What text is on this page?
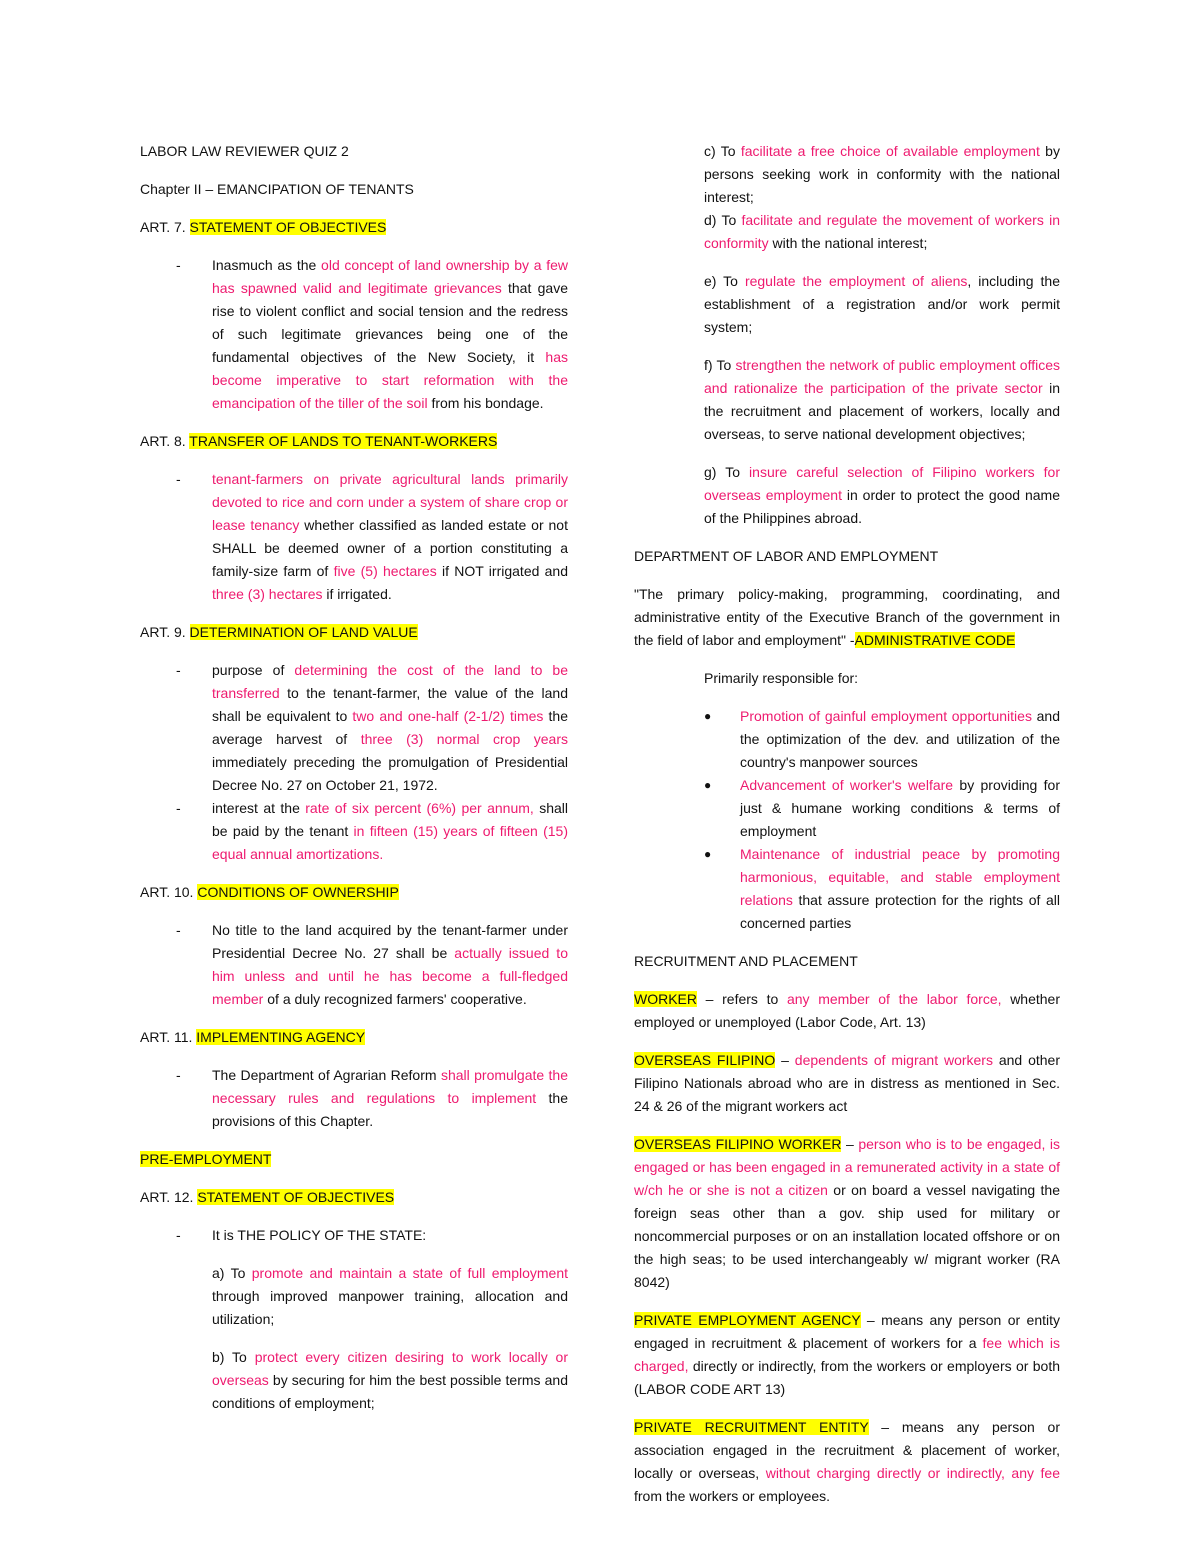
LABOR LAW REVIEWER QUIZ 2

Chapter II – EMANCIPATION OF TENANTS

ART. 7. STATEMENT OF OBJECTIVES

- Inasmuch as the old concept of land ownership by a few has spawned valid and legitimate grievances that gave rise to violent conflict and social tension and the redress of such legitimate grievances being one of the fundamental objectives of the New Society, it has become imperative to start reformation with the emancipation of the tiller of the soil from his bondage.

ART. 8. TRANSFER OF LANDS TO TENANT-WORKERS

- tenant-farmers on private agricultural lands primarily devoted to rice and corn under a system of share crop or lease tenancy whether classified as landed estate or not SHALL be deemed owner of a portion constituting a family-size farm of five (5) hectares if NOT irrigated and three (3) hectares if irrigated.

ART. 9. DETERMINATION OF LAND VALUE

- purpose of determining the cost of the land to be transferred to the tenant-farmer, the value of the land shall be equivalent to two and one-half (2-1/2) times the average harvest of three (3) normal crop years immediately preceding the promulgation of Presidential Decree No. 27 on October 21, 1972.

- interest at the rate of six percent (6%) per annum, shall be paid by the tenant in fifteen (15) years of fifteen (15) equal annual amortizations.

ART. 10. CONDITIONS OF OWNERSHIP

- No title to the land acquired by the tenant-farmer under Presidential Decree No. 27 shall be actually issued to him unless and until he has become a full-fledged member of a duly recognized farmers' cooperative.

ART. 11. IMPLEMENTING AGENCY

- The Department of Agrarian Reform shall promulgate the necessary rules and regulations to implement the provisions of this Chapter.

PRE-EMPLOYMENT

ART. 12. STATEMENT OF OBJECTIVES

- It is THE POLICY OF THE STATE:

a) To promote and maintain a state of full employment through improved manpower training, allocation and utilization;

b) To protect every citizen desiring to work locally or overseas by securing for him the best possible terms and conditions of employment;

c) To facilitate a free choice of available employment by persons seeking work in conformity with the national interest;

d) To facilitate and regulate the movement of workers in conformity with the national interest;

e) To regulate the employment of aliens, including the establishment of a registration and/or work permit system;

f) To strengthen the network of public employment offices and rationalize the participation of the private sector in the recruitment and placement of workers, locally and overseas, to serve national development objectives;

g) To insure careful selection of Filipino workers for overseas employment in order to protect the good name of the Philippines abroad.

DEPARTMENT OF LABOR AND EMPLOYMENT

"The primary policy-making, programming, coordinating, and administrative entity of the Executive Branch of the government in the field of labor and employment" -ADMINISTRATIVE CODE

Primarily responsible for:

● Promotion of gainful employment opportunities and the optimization of the dev. and utilization of the country's manpower sources

● Advancement of worker's welfare by providing for just & humane working conditions & terms of employment

● Maintenance of industrial peace by promoting harmonious, equitable, and stable employment relations that assure protection for the rights of all concerned parties

RECRUITMENT AND PLACEMENT

WORKER – refers to any member of the labor force, whether employed or unemployed (Labor Code, Art. 13)

OVERSEAS FILIPINO – dependents of migrant workers and other Filipino Nationals abroad who are in distress as mentioned in Sec. 24 & 26 of the migrant workers act

OVERSEAS FILIPINO WORKER – person who is to be engaged, is engaged or has been engaged in a remunerated activity in a state of w/ch he or she is not a citizen or on board a vessel navigating the foreign seas other than a gov. ship used for military or noncommercial purposes or on an installation located offshore or on the high seas; to be used interchangeably w/ migrant worker (RA 8042)

PRIVATE EMPLOYMENT AGENCY – means any person or entity engaged in recruitment & placement of workers for a fee which is charged, directly or indirectly, from the workers or employers or both (LABOR CODE ART 13)

PRIVATE RECRUITMENT ENTITY – means any person or association engaged in the recruitment & placement of worker, locally or overseas, without charging directly or indirectly, any fee from the workers or employees.
